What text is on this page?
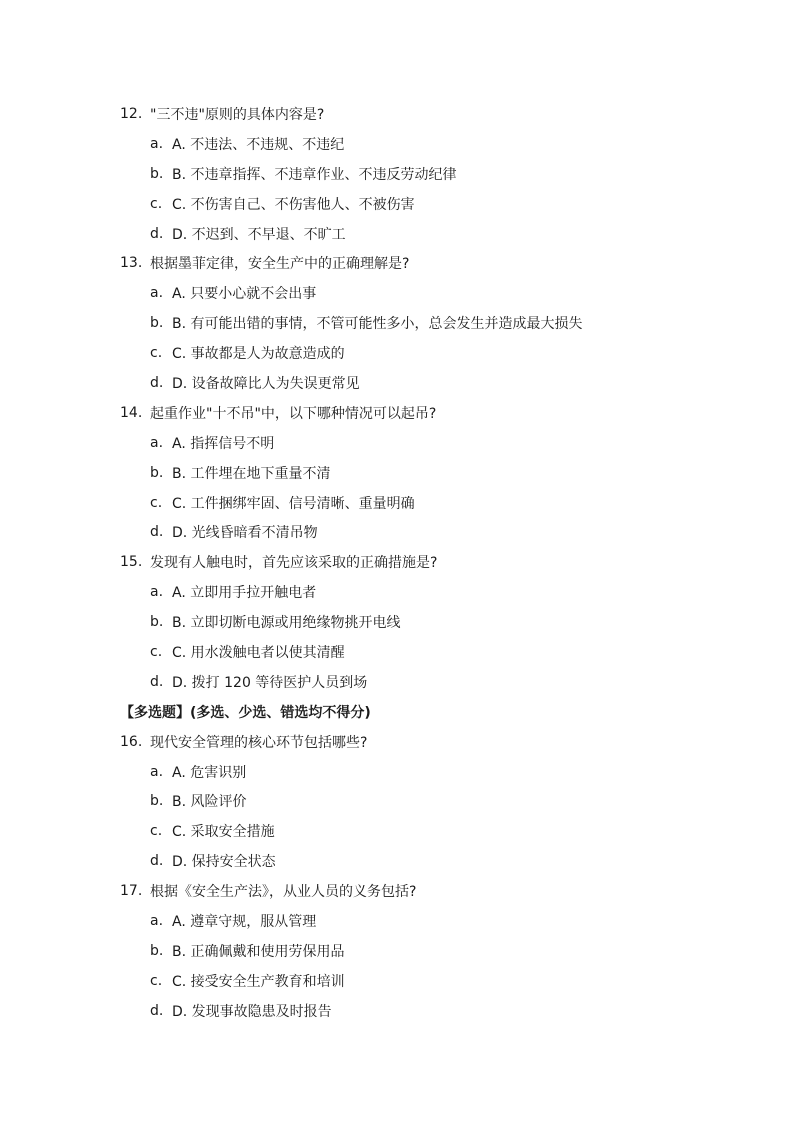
12. "三不违"原则的具体内容是?
a. A. 不违法、不违规、不违纪
b. B. 不违章指挥、不违章作业、不违反劳动纪律
c. C. 不伤害自己、不伤害他人、不被伤害
d. D. 不迟到、不早退、不旷工
13. 根据墨菲定律，安全生产中的正确理解是?
a. A. 只要小心就不会出事
b. B. 有可能出错的事情，不管可能性多小，总会发生并造成最大损失
c. C. 事故都是人为故意造成的
d. D. 设备故障比人为失误更常见
14. 起重作业"十不吊"中，以下哪种情况可以起吊?
a. A. 指挥信号不明
b. B. 工件埋在地下重量不清
c. C. 工件捆绑牢固、信号清晰、重量明确
d. D. 光线昏暗看不清吊物
15. 发现有人触电时，首先应该采取的正确措施是?
a. A. 立即用手拉开触电者
b. B. 立即切断电源或用绝缘物挑开电线
c. C. 用水泼触电者以使其清醒
d. D. 拨打 120 等待医护人员到场
【多选题】(多选、少选、错选均不得分)
16. 现代安全管理的核心环节包括哪些?
a. A. 危害识别
b. B. 风险评价
c. C. 采取安全措施
d. D. 保持安全状态
17. 根据《安全生产法》，从业人员的义务包括?
a. A. 遵章守规，服从管理
b. B. 正确佩戴和使用劳保用品
c. C. 接受安全生产教育和培训
d. D. 发现事故隐患及时报告
